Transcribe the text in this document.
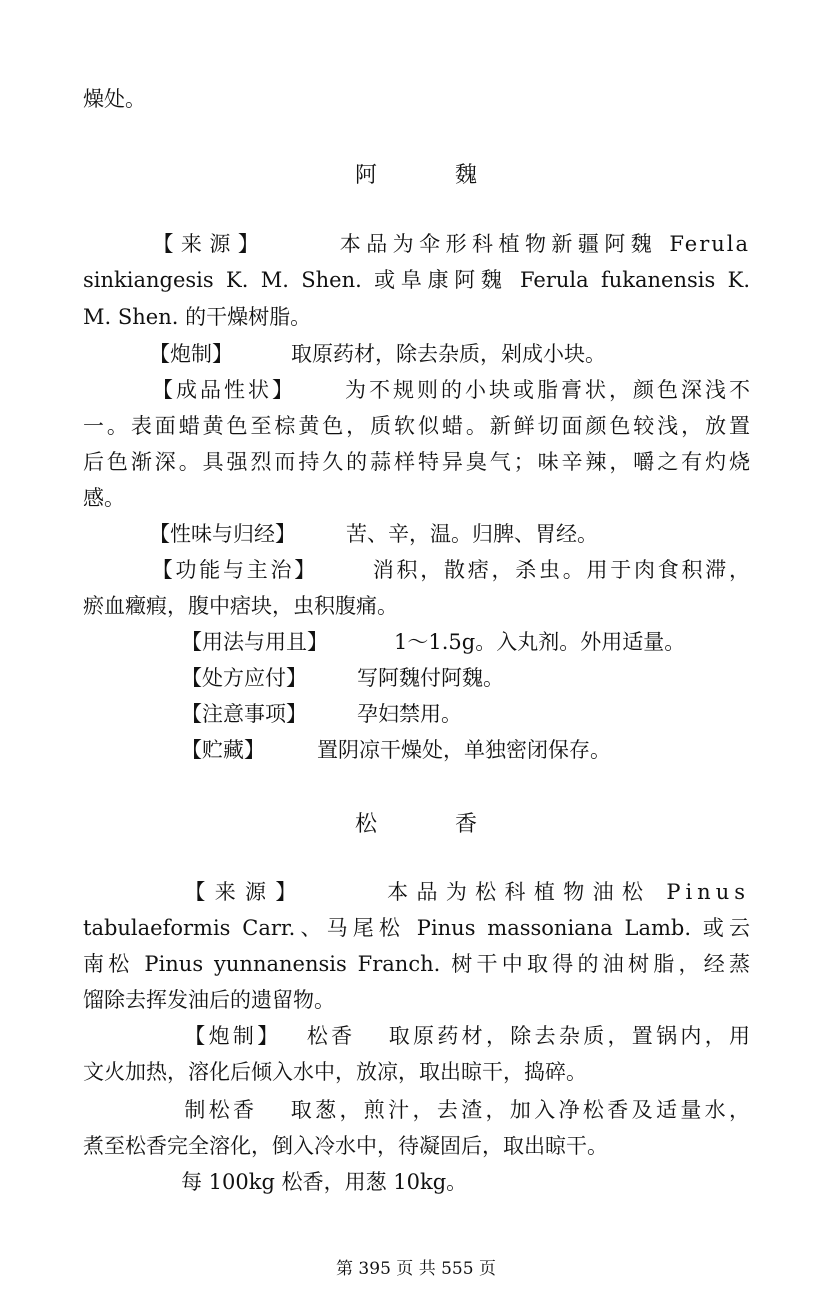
燥处。
阿　魏
【来源】	本品为伞形科植物新疆阿魏 Ferula
sinkiangesis K. M. Shen. 或阜康阿魏 Ferula fukanensis K.
M. Shen. 的干燥树脂。
【炮制】	取原药材，除去杂质，剁成小块。
【成品性状】 为不规则的小块或脂膏状，颜色深浅不
一。表面蜡黄色至棕黄色，质软似蜡。新鲜切面颜色较浅，放置
后色渐深。具强烈而持久的蒜样特异臭气；味辛辣，嚼之有灼烧
感。
【性味与归经】 苦、辛，温。归脾、胃经。
【功能与主治】 消积，散痞，杀虫。用于肉食积滞，
瘀血癥瘕，腹中痞块，虫积腹痛。
【用法与用且】	1～1.5g。入丸剂。外用适量。
【处方应付】 写阿魏付阿魏。
【注意事项】 孕妇禁用。
【贮藏】 置阴凉干燥处，单独密闭保存。
松　香
【来源】	本品为松科植物油松 Pinus
tabulaeformis Carr.、马尾松 Pinus massoniana Lamb. 或云
南松 Pinus yunnanensis Franch. 树干中取得的油树脂，经蒸
馏除去挥发油后的遗留物。
【炮制】 松香 取原药材，除去杂质，置锅内，用
文火加热，溶化后倾入水中，放凉，取出晾干，捣碎。
制松香 取葱，煎汁，去渣，加入净松香及适量水，
煮至松香完全溶化，倒入冷水中，待凝固后，取出晾干。
每 100kg 松香，用葱 10kg。
第 395 页 共 555 页
